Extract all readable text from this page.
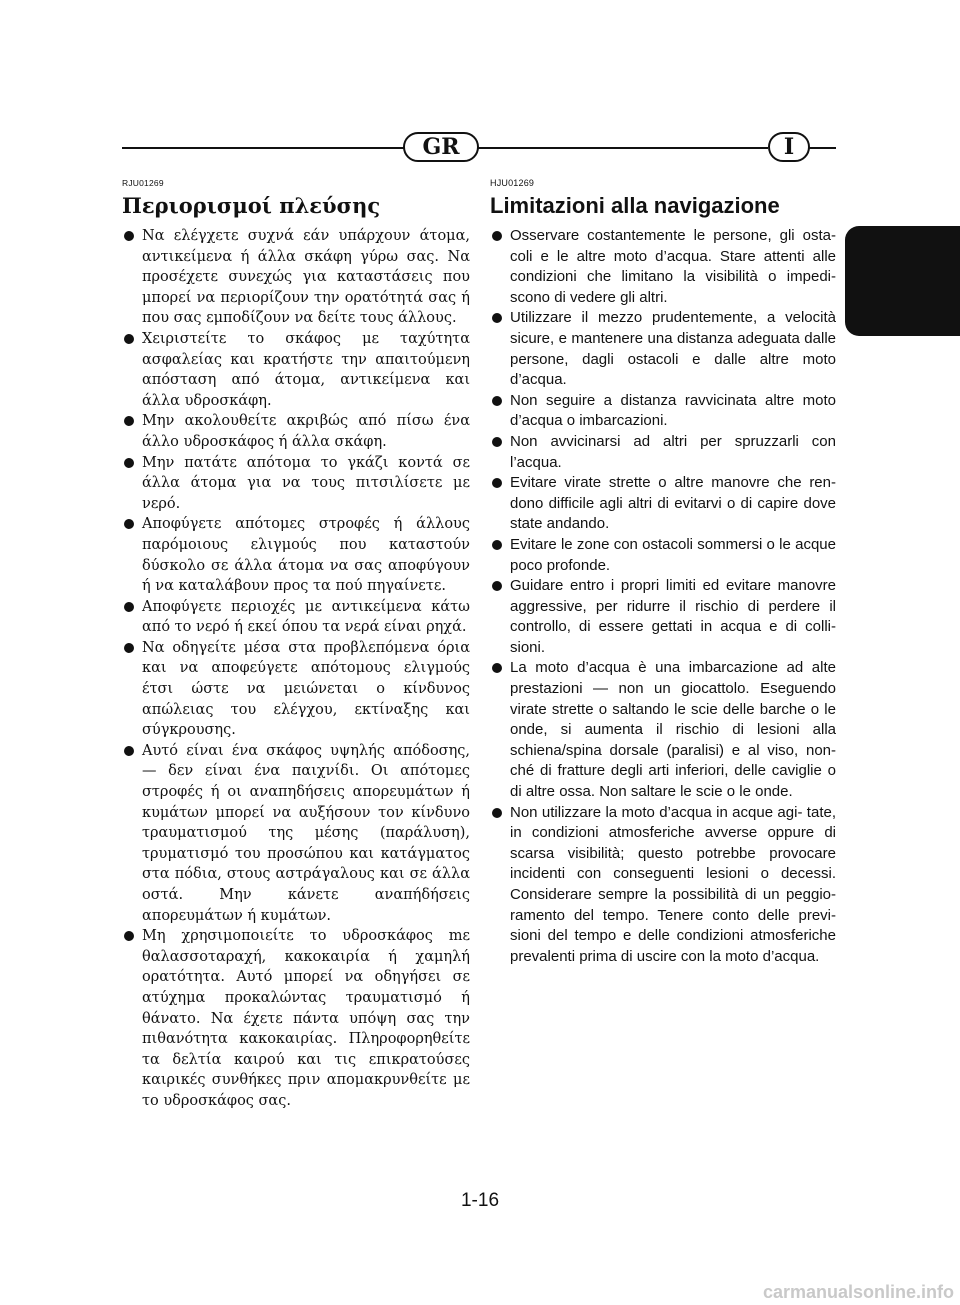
GR	I
RJU01269
Περιορισμοί πλεύσης
Να ελέγχετε συχνά εάν υπάρχουν άτομα, αντικείμενα ή άλλα σκάφη γύρω σας. Να προσέχετε συνεχώς για καταστάσεις που μπορεί να περιορίζουν την ορατότητά σας ή που σας εμποδίζουν να δείτε τους άλλους.
Χειριστείτε το σκάφος με ταχύτητα ασφαλείας και κρατήστε την απαιτούμενη απόσταση από άτομα, αντικείμενα και άλλα υδροσκάφη.
Μην ακολουθείτε ακριβώς από πίσω ένα άλλο υδροσκάφος ή άλλα σκάφη.
Μην πατάτε απότομα το γκάζι κοντά σε άλλα άτομα για να τους πιτσιλίσετε με νερό.
Αποφύγετε απότομες στροφές ή άλλους παρόμοιους ελιγμούς που καταστούν δύσκολο σε άλλα άτομα να σας αποφύγουν ή να καταλάβουν προς τα πού πηγαίνετε.
Αποφύγετε περιοχές με αντικείμενα κάτω από το νερό ή εκεί όπου τα νερά είναι ρηχά.
Να οδηγείτε μέσα στα προβλεπόμενα όρια και να αποφεύγετε απότομους ελιγμούς έτσι ώστε να μειώνεται ο κίνδυνος απώλειας του ελέγχου, εκτίναξης και σύγκρουσης.
Αυτό είναι ένα σκάφος υψηλής απόδοσης, — δεν είναι ένα παιχνίδι. Οι απότομες στροφές ή οι αναπηδήσεις απορευμάτων ή κυμάτων μπορεί να αυξήσουν τον κίνδυνο τραυματισμού της μέσης (παράλυση), τρυματισμό του προσώπου και κατάγματος στα πόδια, στους αστράγαλους και σε άλλα οστά. Μην κάνετε αναπήδήσεις απορευμάτων ή κυμάτων.
Μη χρησιμοποιείτε το υδροσκάφος mε θαλασσοταραχή, κακοκαιρία ή χαμηλή ορατότητα. Αυτό μπορεί να οδηγήσει σε ατύχημα προκαλώντας τραυματισμό ή θάνατο. Να έχετε πάντα υπόψη σας την πιθανότητα κακοκαιρίας. Πληροφορηθείτε τα δελτία καιρού και τις επικρατούσες καιρικές συνθήκες πριν απομακρυνθείτε με το υδροσκάφος σας.
HJU01269
Limitazioni alla navigazione
Osservare costantemente le persone, gli osta- coli e le altre moto d’acqua. Stare attenti alle condizioni che limitano la visibilità o impedi- scono di vedere gli altri.
Utilizzare il mezzo prudentemente, a velocità sicure, e mantenere una distanza adeguata dalle persone, dagli ostacoli e dalle altre moto d’acqua.
Non seguire a distanza ravvicinata altre moto d’acqua o imbarcazioni.
Non avvicinarsi ad altri per spruzzarli con l’acqua.
Evitare virate strette o altre manovre che ren- dono difficile agli altri di evitarvi o di capire dove state andando.
Evitare le zone con ostacoli sommersi o le acque poco profonde.
Guidare entro i propri limiti ed evitare manovre aggressive, per ridurre il rischio di perdere il controllo, di essere gettati in acqua e di colli- sioni.
La moto d’acqua è una imbarcazione ad alte prestazioni — non un giocattolo. Eseguendo virate strette o saltando le scie delle barche o le onde, si aumenta il rischio di lesioni alla schiena/spina dorsale (paralisi) e al viso, non- ché di fratture degli arti inferiori, delle caviglie o di altre ossa. Non saltare le scie o le onde.
Non utilizzare la moto d’acqua in acque agi- tate, in condizioni atmosferiche avverse oppure di scarsa visibilità; questo potrebbe provocare incidenti con conseguenti lesioni o decessi. Considerare sempre la possibilità di un peggio- ramento del tempo. Tenere conto delle previ- sioni del tempo e delle condizioni atmosferiche prevalenti prima di uscire con la moto d’acqua.
1-16
carmanualsonline.info
